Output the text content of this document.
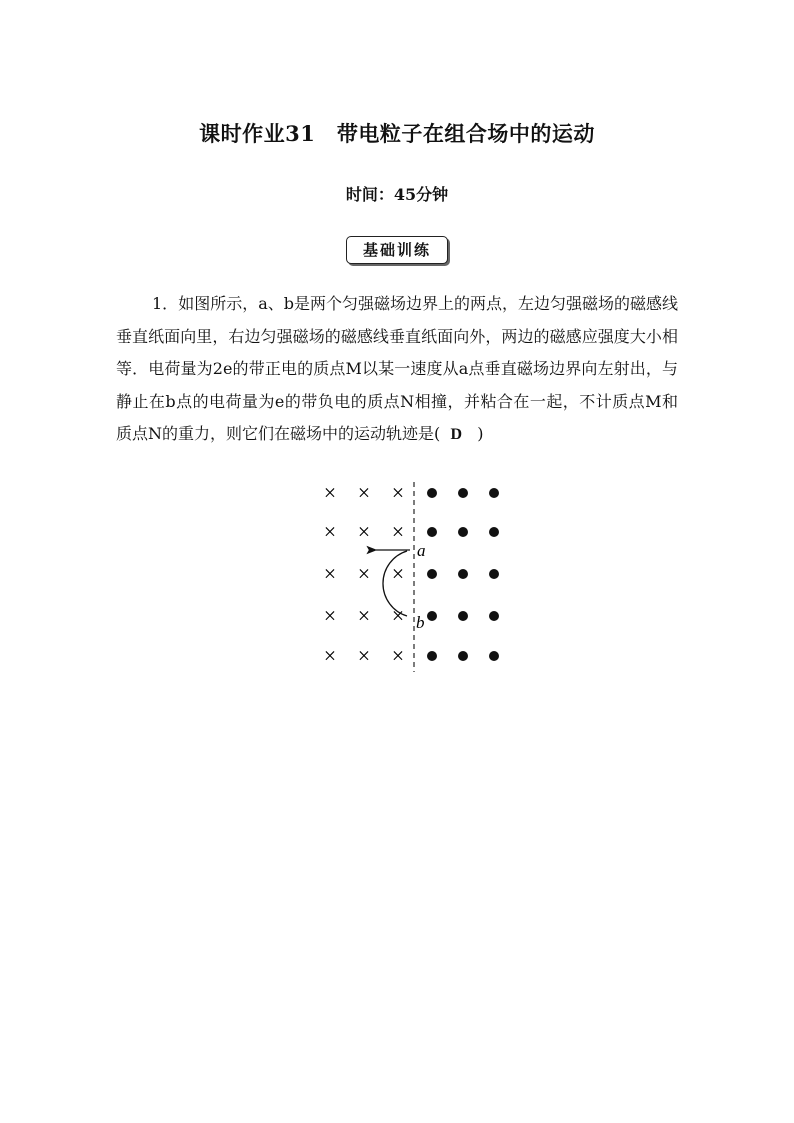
课时作业31　带电粒子在组合场中的运动
时间：45分钟
基础训练
1．如图所示，a、b是两个匀强磁场边界上的两点，左边匀强磁场的磁感线垂直纸面向里，右边匀强磁场的磁感线垂直纸面向外，两边的磁感应强度大小相等．电荷量为2e的带正电的质点M以某一速度从a点垂直磁场边界向左射出，与静止在b点的电荷量为e的带负电的质点N相撞，并粘合在一起，不计质点M和质点N的重力，则它们在磁场中的运动轨迹是( D )
× × ×
× × ×
× × ×
× × ×
× × ×
a
b
